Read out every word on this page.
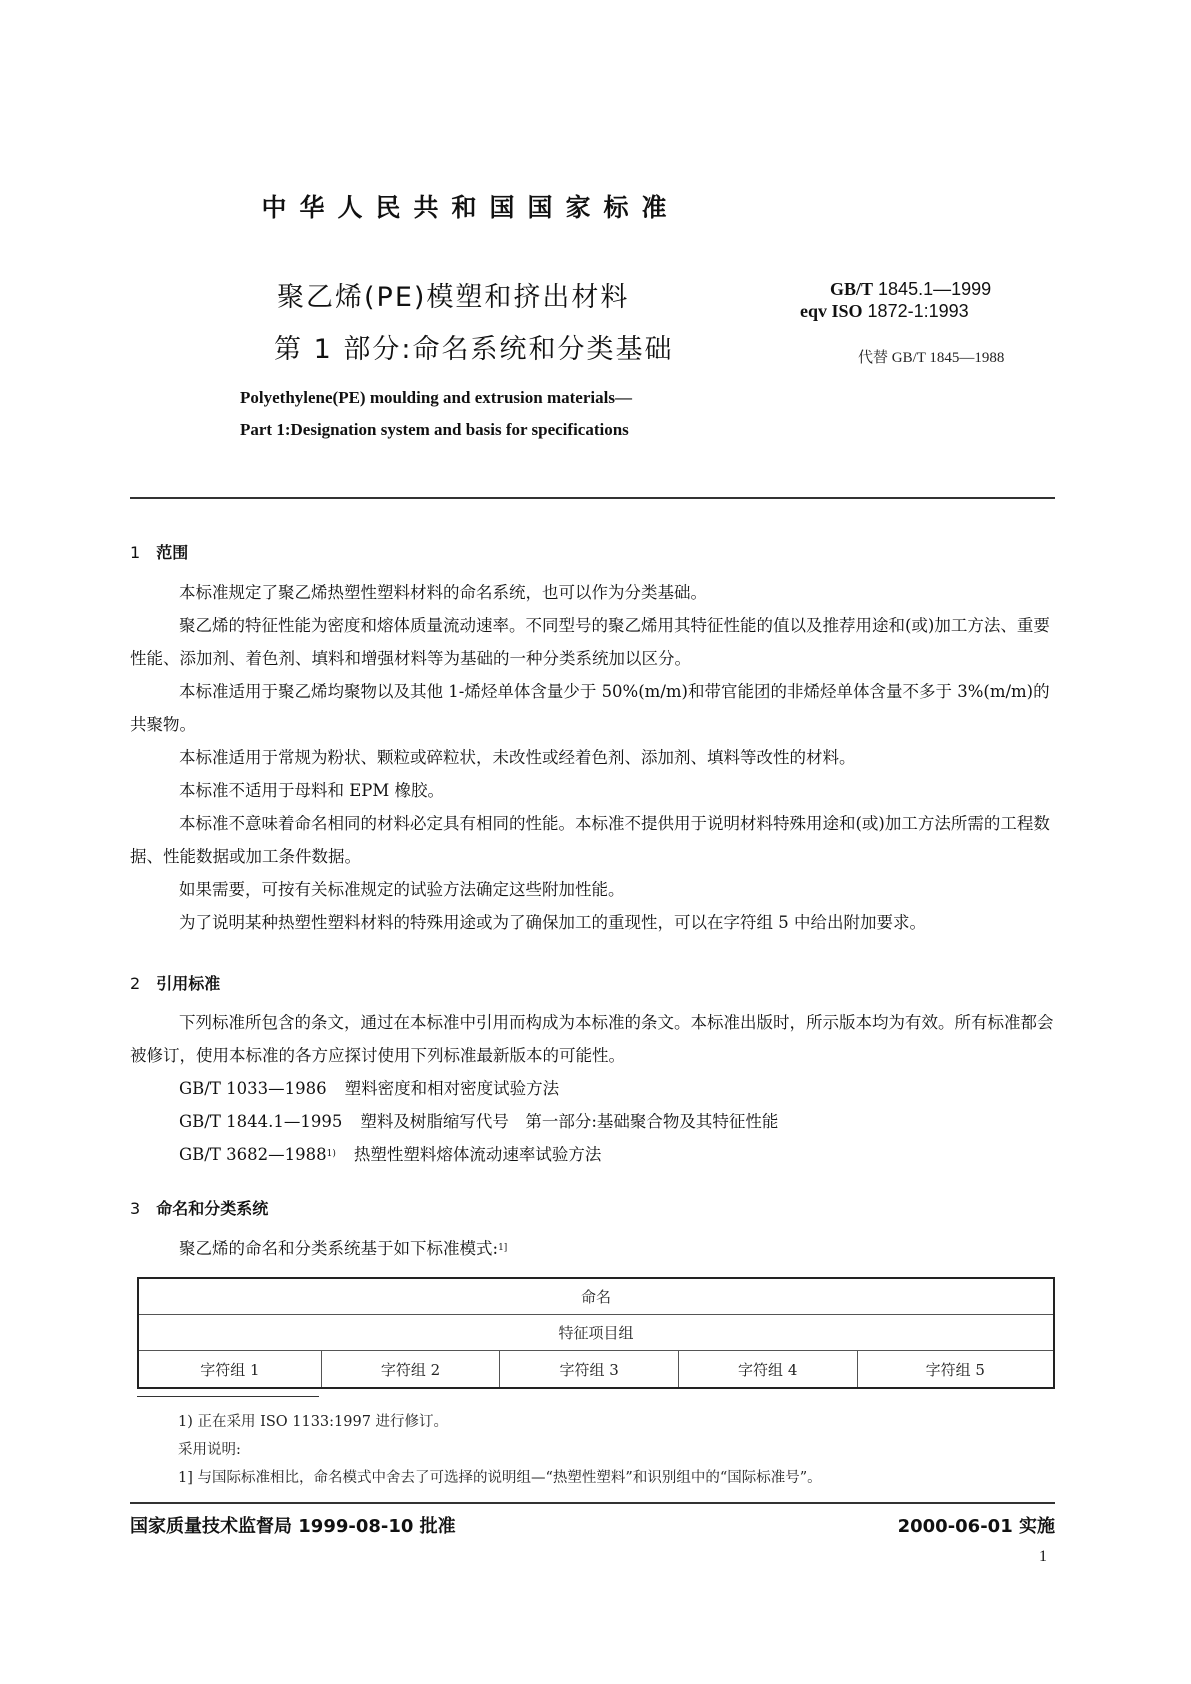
中华人民共和国国家标准
聚乙烯(PE)模塑和挤出材料
第 1 部分:命名系统和分类基础
GB/T 1845.1—1999
eqv ISO 1872-1:1993
代替 GB/T 1845—1988
Polyethylene(PE) moulding and extrusion materials—
Part 1:Designation system and basis for specifications
1 范围

本标准规定了聚乙烯热塑性塑料材料的命名系统，也可以作为分类基础。

聚乙烯的特征性能为密度和熔体质量流动速率。不同型号的聚乙烯用其特征性能的值以及推荐用途和(或)加工方法、重要性能、添加剂、着色剂、填料和增强材料等为基础的一种分类系统加以区分。

本标准适用于聚乙烯均聚物以及其他 1-烯烃单体含量少于 50%(m/m)和带官能团的非烯烃单体含量不多于 3%(m/m)的共聚物。

本标准适用于常规为粉状、颗粒或碎粒状，未改性或经着色剂、添加剂、填料等改性的材料。

本标准不适用于母料和 EPM 橡胶。

本标准不意味着命名相同的材料必定具有相同的性能。本标准不提供用于说明材料特殊用途和(或)加工方法所需的工程数据、性能数据或加工条件数据。

如果需要，可按有关标准规定的试验方法确定这些附加性能。

为了说明某种热塑性塑料材料的特殊用途或为了确保加工的重现性，可以在字符组 5 中给出附加要求。

2 引用标准

下列标准所包含的条文，通过在本标准中引用而构成为本标准的条文。本标准出版时，所示版本均为有效。所有标准都会被修订，使用本标准的各方应探讨使用下列标准最新版本的可能性。

GB/T 1033—1986 塑料密度和相对密度试验方法
GB/T 1844.1—1995 塑料及树脂缩写代号　第一部分:基础聚合物及其特征性能
GB/T 3682—1988$^{1)}$ 热塑性塑料熔体流动速率试验方法
3 命名和分类系统

聚乙烯的命名和分类系统基于如下标准模式:$^{1]}$

命名
特征项目组
字符组 1	字符组 2	字符组 3	字符组 4	字符组 5
1) 正在采用 ISO 1133:1997 进行修订。
采用说明:
1] 与国际标准相比，命名模式中舍去了可选择的说明组—“热塑性塑料”和识别组中的“国际标准号”。
国家质量技术监督局 1999-08-10 批准	2000-06-01 实施
1
